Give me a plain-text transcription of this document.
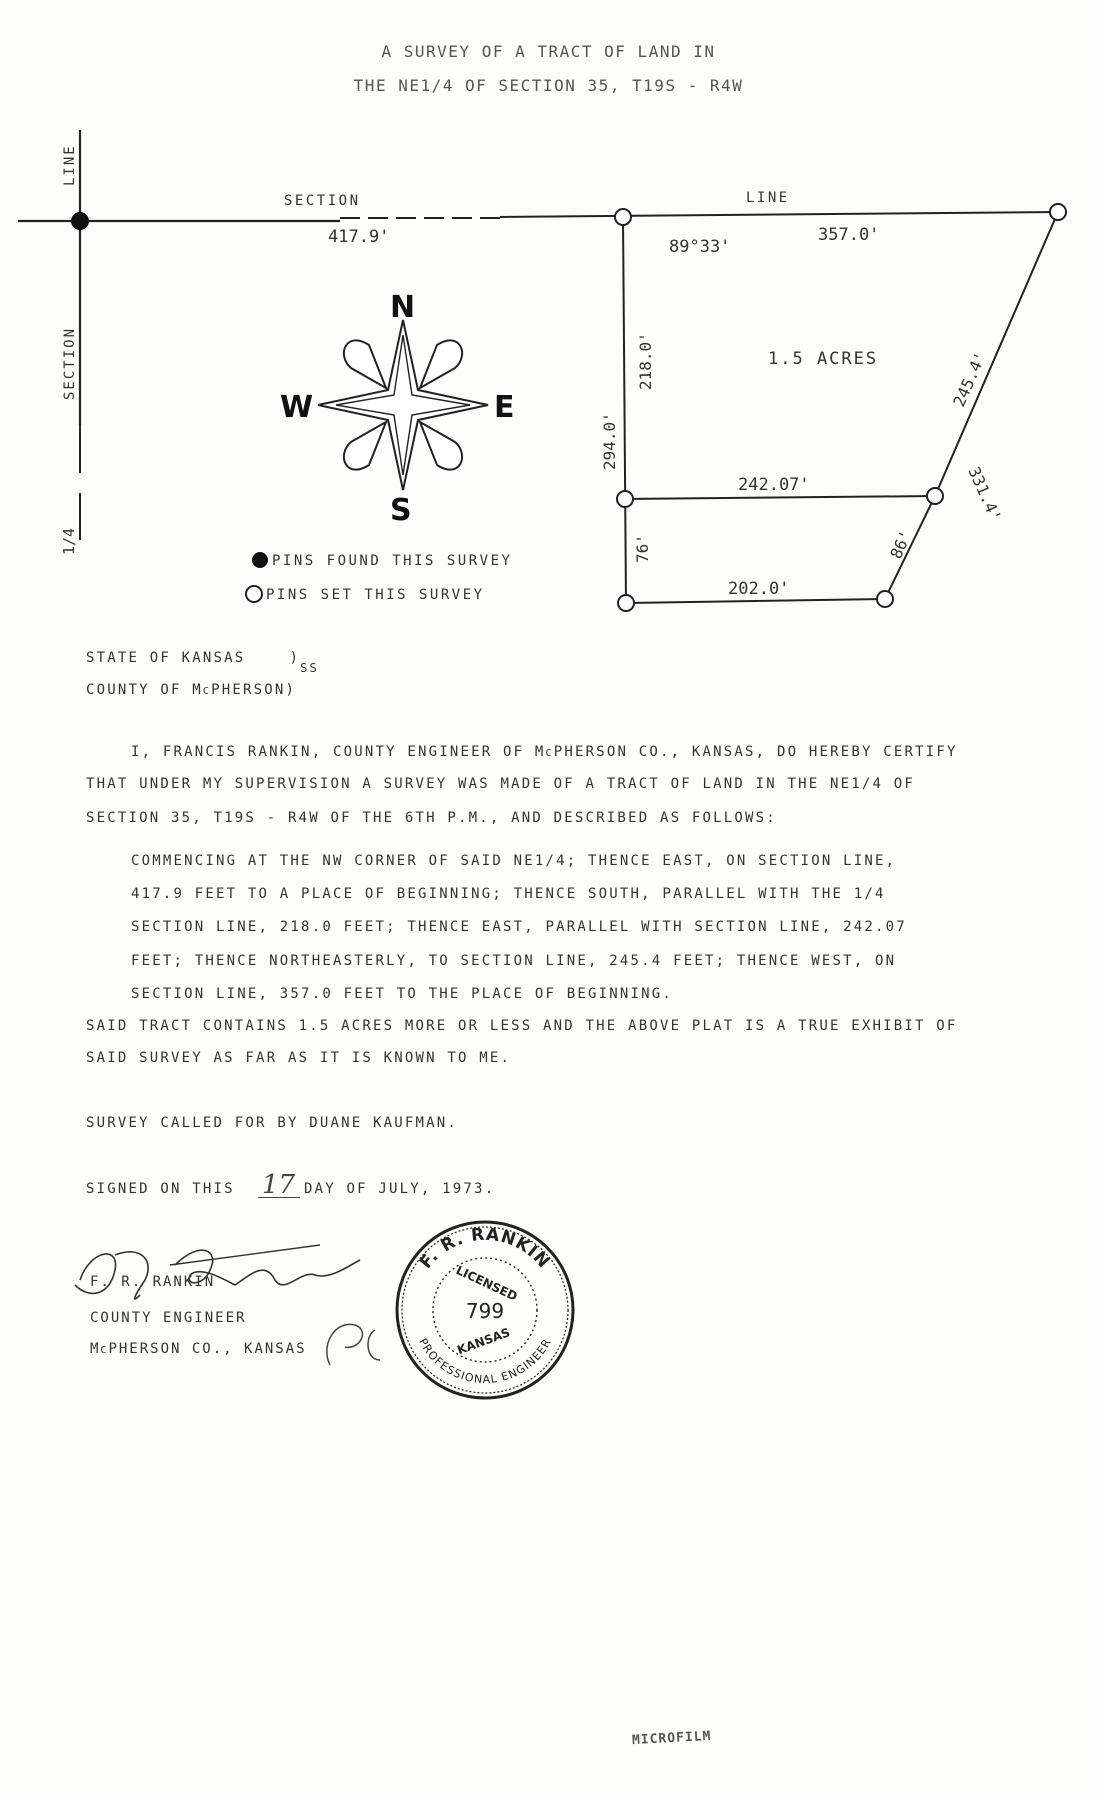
A SURVEY OF A TRACT OF LAND IN
THE NE1/4 OF SECTION 35, T19S - R4W
SECTION	LINE
417.9'	89°33'
357.0'
1.5 ACRES
242.07'
202.0'
LINE
SECTION
1/4
218.0'
294.0'
76'
245.4'
331.4'
86'
N
E
S
W
PINS FOUND THIS SURVEY
PINS SET THIS SURVEY
STATE OF KANSAS	)SS
COUNTY OF McPHERSON)
I, FRANCIS RANKIN, COUNTY ENGINEER OF McPHERSON CO., KANSAS, DO HEREBY CERTIFY
THAT UNDER MY SUPERVISION A SURVEY WAS MADE OF A TRACT OF LAND IN THE NE1/4 OF
SECTION 35, T19S - R4W OF THE 6TH P.M., AND DESCRIBED AS FOLLOWS:
COMMENCING AT THE NW CORNER OF SAID NE1/4; THENCE EAST, ON SECTION LINE,
417.9 FEET TO A PLACE OF BEGINNING; THENCE SOUTH, PARALLEL WITH THE 1/4
SECTION LINE, 218.0 FEET; THENCE EAST, PARALLEL WITH SECTION LINE, 242.07
FEET; THENCE NORTHEASTERLY, TO SECTION LINE, 245.4 FEET; THENCE WEST, ON
SECTION LINE, 357.0 FEET TO THE PLACE OF BEGINNING.
SAID TRACT CONTAINS 1.5 ACRES MORE OR LESS AND THE ABOVE PLAT IS A TRUE EXHIBIT OF
SAID SURVEY AS FAR AS IT IS KNOWN TO ME.
SURVEY CALLED FOR BY DUANE KAUFMAN.
SIGNED ON THIS 17 DAY OF JULY, 1973.
F. R. RANKIN
COUNTY ENGINEER
McPHERSON CO., KANSAS
F. R. RANKIN
PROFESSIONAL ENGINEER
LICENSED
799
KANSAS
MICROFILM
